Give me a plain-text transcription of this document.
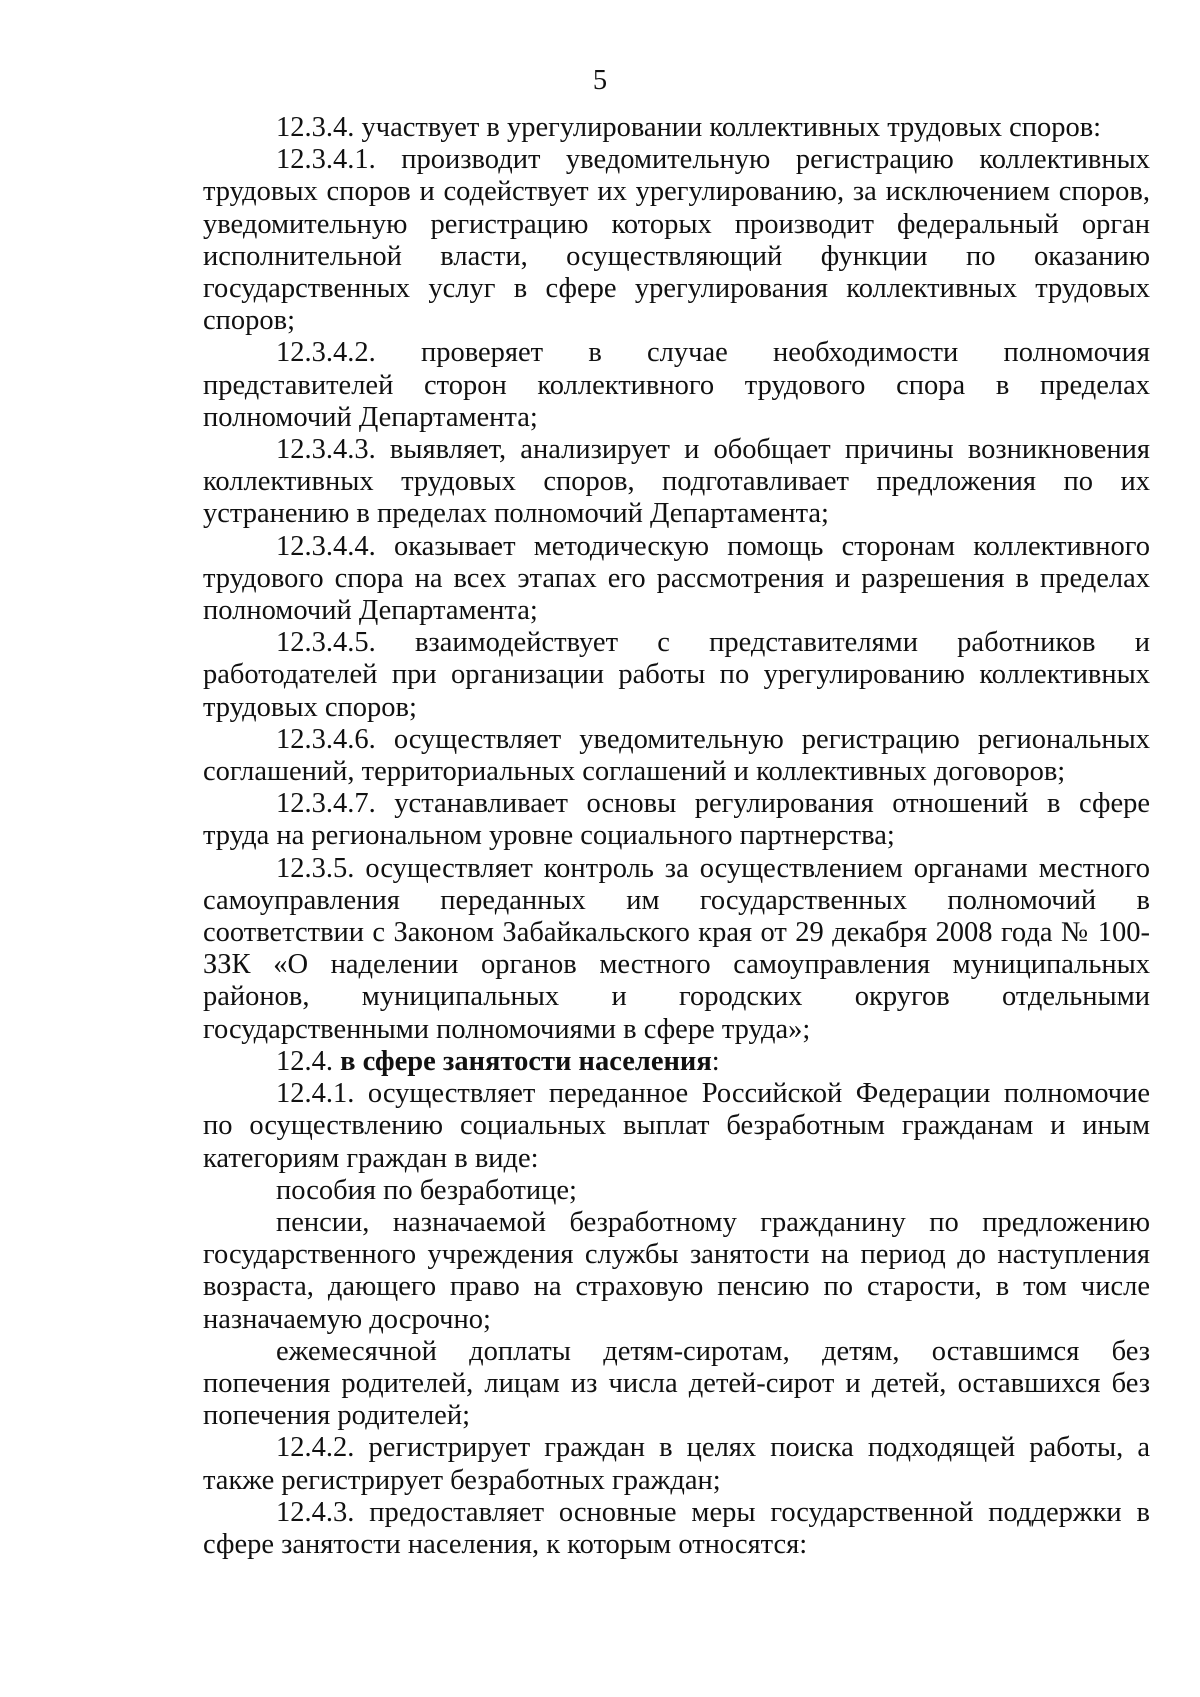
5

12.3.4. участвует в урегулировании коллективных трудовых споров:

12.3.4.1. производит уведомительную регистрацию коллективных трудовых споров и содействует их урегулированию, за исключением споров, уведомительную регистрацию которых производит федеральный орган исполнительной власти, осуществляющий функции по оказанию государственных услуг в сфере урегулирования коллективных трудовых споров;

12.3.4.2. проверяет в случае необходимости полномочия представителей сторон коллективного трудового спора в пределах полномочий Департамента;

12.3.4.3. выявляет, анализирует и обобщает причины возникновения коллективных трудовых споров, подготавливает предложения по их устранению в пределах полномочий Департамента;

12.3.4.4. оказывает методическую помощь сторонам коллективного трудового спора на всех этапах его рассмотрения и разрешения в пределах полномочий Департамента;

12.3.4.5. взаимодействует с представителями работников и работодателей при организации работы по урегулированию коллективных трудовых споров;

12.3.4.6. осуществляет уведомительную регистрацию региональных соглашений, территориальных соглашений и коллективных договоров;

12.3.4.7. устанавливает основы регулирования отношений в сфере труда на региональном уровне социального партнерства;

12.3.5. осуществляет контроль за осуществлением органами местного самоуправления переданных им государственных полномочий в соответствии с Законом Забайкальского края от 29 декабря 2008 года № 100-ЗЗК «О наделении органов местного самоуправления муниципальных районов, муниципальных и городских округов отдельными государственными полномочиями в сфере труда»;

12.4. в сфере занятости населения:

12.4.1. осуществляет переданное Российской Федерации полномочие по осуществлению социальных выплат безработным гражданам и иным категориям граждан в виде:

пособия по безработице;

пенсии, назначаемой безработному гражданину по предложению государственного учреждения службы занятости на период до наступления возраста, дающего право на страховую пенсию по старости, в том числе назначаемую досрочно;

ежемесячной доплаты детям-сиротам, детям, оставшимся без попечения родителей, лицам из числа детей-сирот и детей, оставшихся без попечения родителей;

12.4.2. регистрирует граждан в целях поиска подходящей работы, а также регистрирует безработных граждан;

12.4.3. предоставляет основные меры государственной поддержки в сфере занятости населения, к которым относятся:
